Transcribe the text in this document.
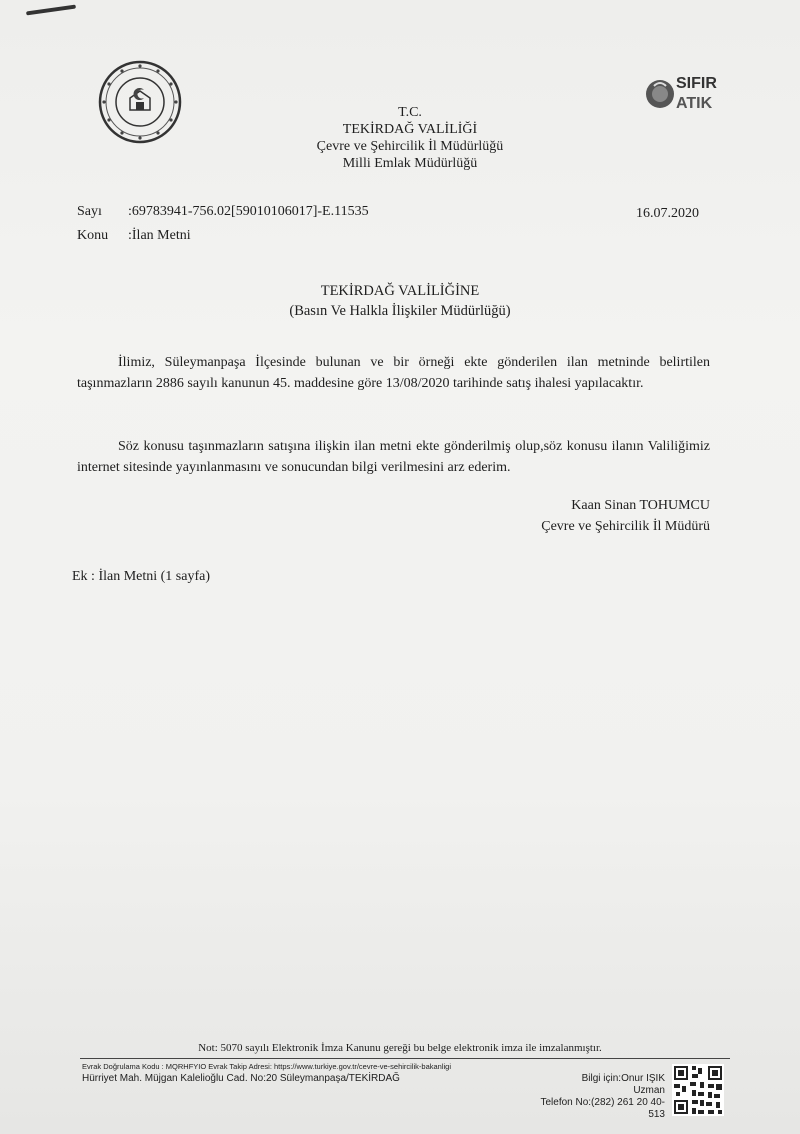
SIFIR
ATIK
T.C.
TEKİRDAĞ VALİLİĞİ
Çevre ve Şehircilik İl Müdürlüğü
Milli Emlak Müdürlüğü
Sayı :69783941-756.02[59010106017]-E.11535	16.07.2020
Konu :İlan Metni
TEKİRDAĞ VALİLİĞİNE
(Basın Ve Halkla İlişkiler Müdürlüğü)

İlimiz, Süleymanpaşa İlçesinde bulunan ve bir örneği ekte gönderilen ilan metninde belirtilen taşınmazların 2886 sayılı kanunun 45. maddesine göre 13/08/2020 tarihinde satış ihalesi yapılacaktır.

Söz konusu taşınmazların satışına ilişkin ilan metni ekte gönderilmiş olup,söz konusu ilanın Valiliğimiz internet sitesinde yayınlanmasını ve sonucundan bilgi verilmesini arz ederim.

Kaan Sinan TOHUMCU
Çevre ve Şehircilik İl Müdürü
Ek : İlan Metni (1 sayfa)
Not: 5070 sayılı Elektronik İmza Kanunu gereği bu belge elektronik imza ile imzalanmıştır.
Evrak Doğrulama Kodu : MQRHFYIO Evrak Takip Adresi: https://www.turkiye.gov.tr/cevre-ve-sehircilik-bakanligi
Hürriyet Mah. Müjgan Kalelioğlu Cad. No:20 Süleymanpaşa/TEKİRDAĞ	Bilgi için:Onur IŞIK
Uzman
Telefon No:(282) 261 20 40-
513
